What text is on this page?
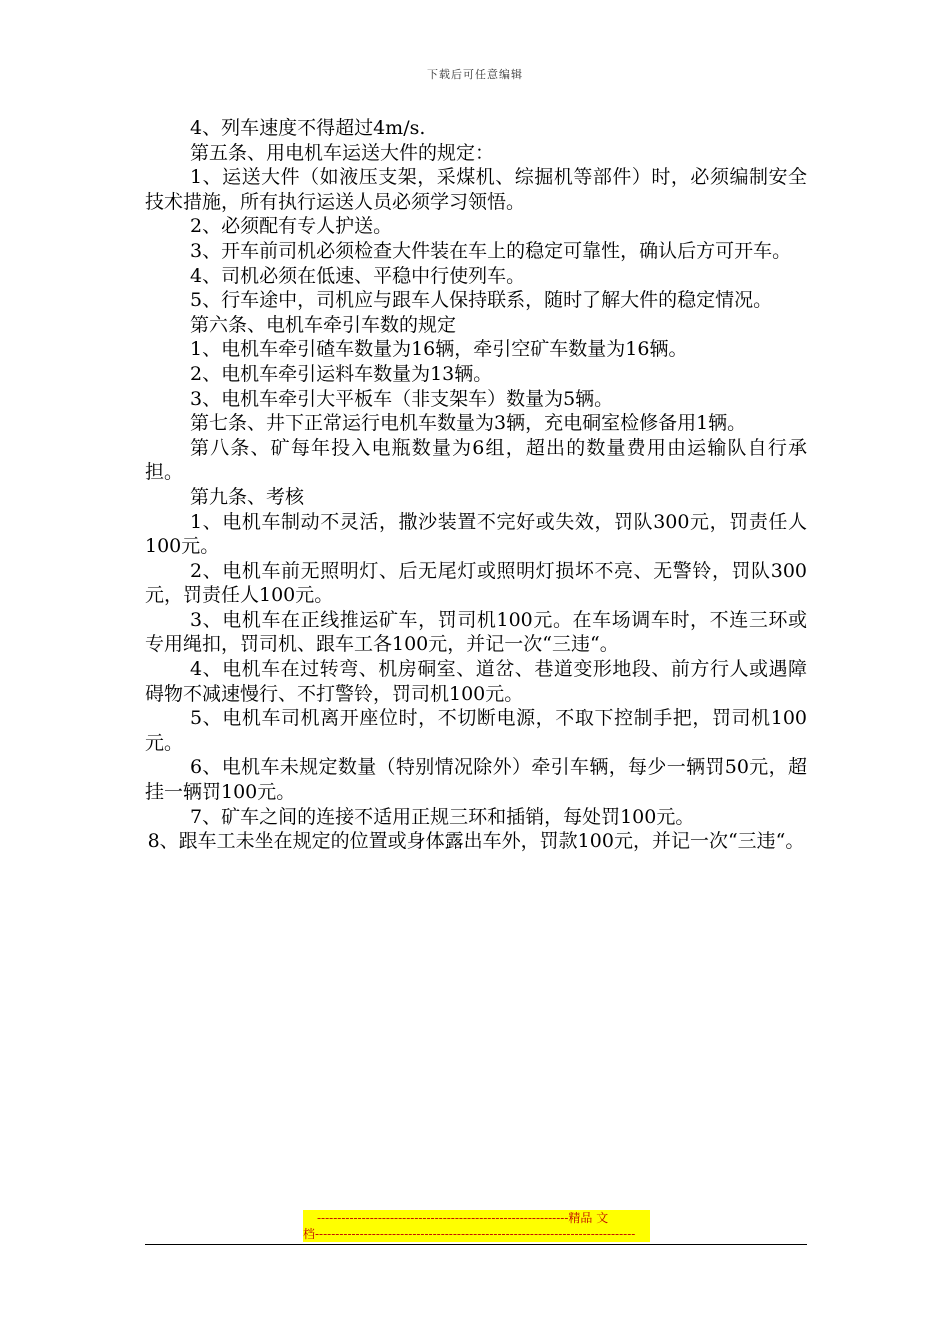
下载后可任意编辑

4、列车速度不得超过4m/s.

第五条、用电机车运送大件的规定：

1、运送大件（如液压支架，采煤机、综掘机等部件）时，必须编制安全技术措施，所有执行运送人员必须学习领悟。

2、必须配有专人护送。

3、开车前司机必须检查大件装在车上的稳定可靠性，确认后方可开车。

4、司机必须在低速、平稳中行使列车。

5、行车途中，司机应与跟车人保持联系，随时了解大件的稳定情况。

第六条、电机车牵引车数的规定

1、电机车牵引碴车数量为16辆，牵引空矿车数量为16辆。

2、电机车牵引运料车数量为13辆。

3、电机车牵引大平板车（非支架车）数量为5辆。

第七条、井下正常运行电机车数量为3辆，充电硐室检修备用1辆。

第八条、矿每年投入电瓶数量为6组，超出的数量费用由运输队自行承担。

第九条、考核

1、电机车制动不灵活，撒沙装置不完好或失效，罚队300元，罚责任人100元。

2、电机车前无照明灯、后无尾灯或照明灯损坏不亮、无警铃，罚队300元，罚责任人100元。

3、电机车在正线推运矿车，罚司机100元。在车场调车时，不连三环或专用绳扣，罚司机、跟车工各100元，并记一次“三违“。

4、电机车在过转弯、机房硐室、道岔、巷道变形地段、前方行人或遇障碍物不减速慢行、不打警铃，罚司机100元。

5、电机车司机离开座位时，不切断电源，不取下控制手把，罚司机100元。

6、电机车未规定数量（特别情况除外）牵引车辆，每少一辆罚50元，超挂一辆罚100元。

7、矿车之间的连接不适用正规三环和插销，每处罚100元。

8、跟车工未坐在规定的位置或身体露出车外，罚款100元，并记一次“三违“。

--------------------------------------------------------------精品 文
档-------------------------------------------------------------------------------
